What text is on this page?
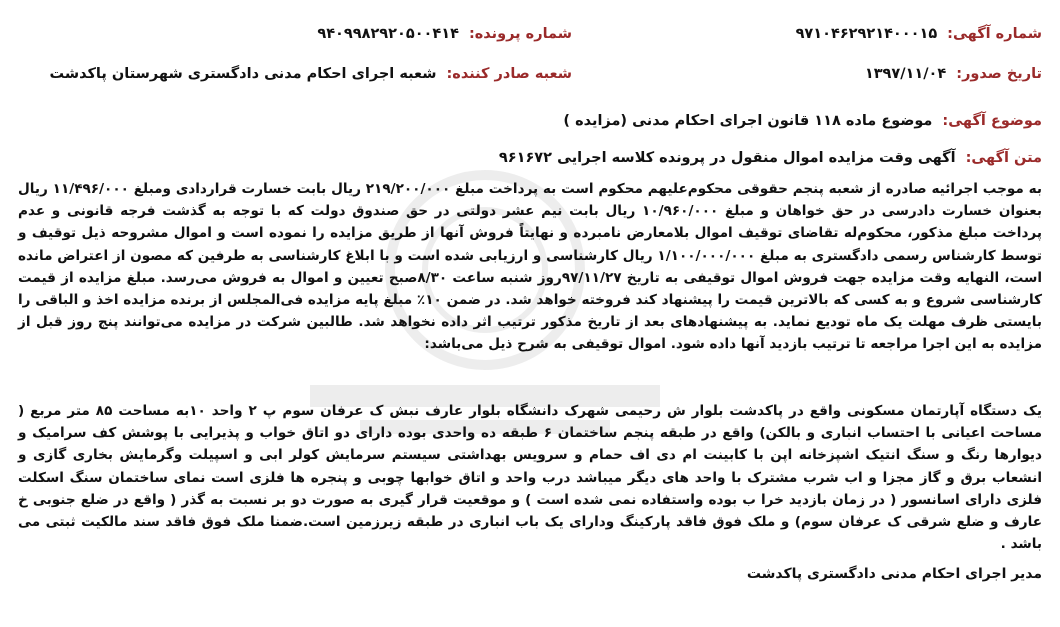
شماره آگهی:
۹۷۱۰۴۶۲۹۲۱۴۰۰۰۱۵
شماره پرونده:
۹۴۰۹۹۸۲۹۲۰۵۰۰۴۱۴
تاریخ صدور:
۱۳۹۷/۱۱/۰۴
شعبه صادر کننده:
شعبه اجرای احکام مدنی دادگستری شهرستان پاکدشت
موضوع آگهی:
موضوع ماده ۱۱۸ قانون اجرای احکام مدنی (مزایده )
متن آگهی:
آگهی وقت مزایده اموال منقول در پرونده کلاسه اجرایی ۹۶۱۶۷۲
به موجب اجرائیه صادره از شعبه پنجم حقوقی محکوم‌علیهم محکوم است به پرداخت مبلغ ۲۱۹/۲۰۰/۰۰۰ ریال بابت خسارت قراردادی ومبلغ ۱۱/۴۹۶/۰۰۰ ریال بعنوان خسارت دادرسی در حق خواهان و مبلغ ۱۰/۹۶۰/۰۰۰ ریال بابت نیم عشر دولتی در حق صندوق دولت که با توجه به گذشت فرجه قانونی و عدم پرداخت مبلغ مذکور، محکوم‌له تقاضای توقیف اموال بلامعارض نامبرده و نهایتاً فروش آنها از طریق مزایده را نموده است و اموال مشروحه ذیل توقیف و توسط کارشناس رسمی دادگستری به مبلغ ۱/۱۰۰/۰۰۰/۰۰۰ ریال کارشناسی و ارزیابی شده است و با ابلاغ کارشناسی به طرفین که مصون از اعتراض مانده است، النهایه وقت مزایده جهت فروش اموال توقیفی به تاریخ ۹۷/۱۱/۲۷روز شنبه ساعت ۸/۳۰صبح تعیین و اموال به فروش می‌رسد. مبلغ مزایده از قیمت کارشناسی شروع و به کسی که بالاترین قیمت را پیشنهاد کند فروخته خواهد شد. در ضمن ۱۰٪ مبلغ پایه مزایده فی‌المجلس از برنده مزایده اخذ و الباقی را بایستی ظرف مهلت یک ماه تودیع نماید. به پیشنهادهای بعد از تاریخ مذکور ترتیب اثر داده نخواهد شد. طالبین شرکت در مزایده می‌توانند پنج روز قبل از مزایده به این اجرا مراجعه تا ترتیب بازدید آنها داده شود. اموال توقیفی به شرح ذیل می‌باشد:
یک دستگاه آپارتمان مسکونی واقع در پاکدشت بلوار ش رحیمی شهرک دانشگاه بلوار عارف نبش ک عرفان سوم پ ۲ واحد ۱۰به مساحت ۸۵ متر مربع ( مساحت اعیانی با احتساب انباری و بالکن) واقع در طبقه پنجم ساختمان ۶ طبقه ده واحدی بوده دارای دو اتاق خواب و پذیرایی با پوشش کف سرامیک و دیوارها رنگ و سنگ انتیک اشپزخانه اپن با کابینت ام دی اف حمام و سرویس بهداشتی سیستم سرمایش کولر ابی و اسپیلت وگرمایش بخاری گازی و انشعاب برق و گاز مجزا و اب شرب مشترک با واحد های دیگر میباشد درب واحد و اتاق خوابها چوبی و پنجره ها فلزی است نمای ساختمان سنگ اسکلت فلزی دارای اسانسور ( در زمان بازدید خرا ب بوده واستفاده نمی شده است ) و موقعیت قرار گیری به صورت دو بر نسبت به گذر ( واقع در ضلع جنوبی خ عارف و ضلع شرقی ک عرفان سوم) و ملک فوق فاقد پارکینگ ودارای یک باب انباری در طبقه زیرزمین است.ضمنا ملک فوق فاقد سند مالکیت ثبتی می باشد .
مدیر اجرای احکام مدنی دادگستری پاکدشت
